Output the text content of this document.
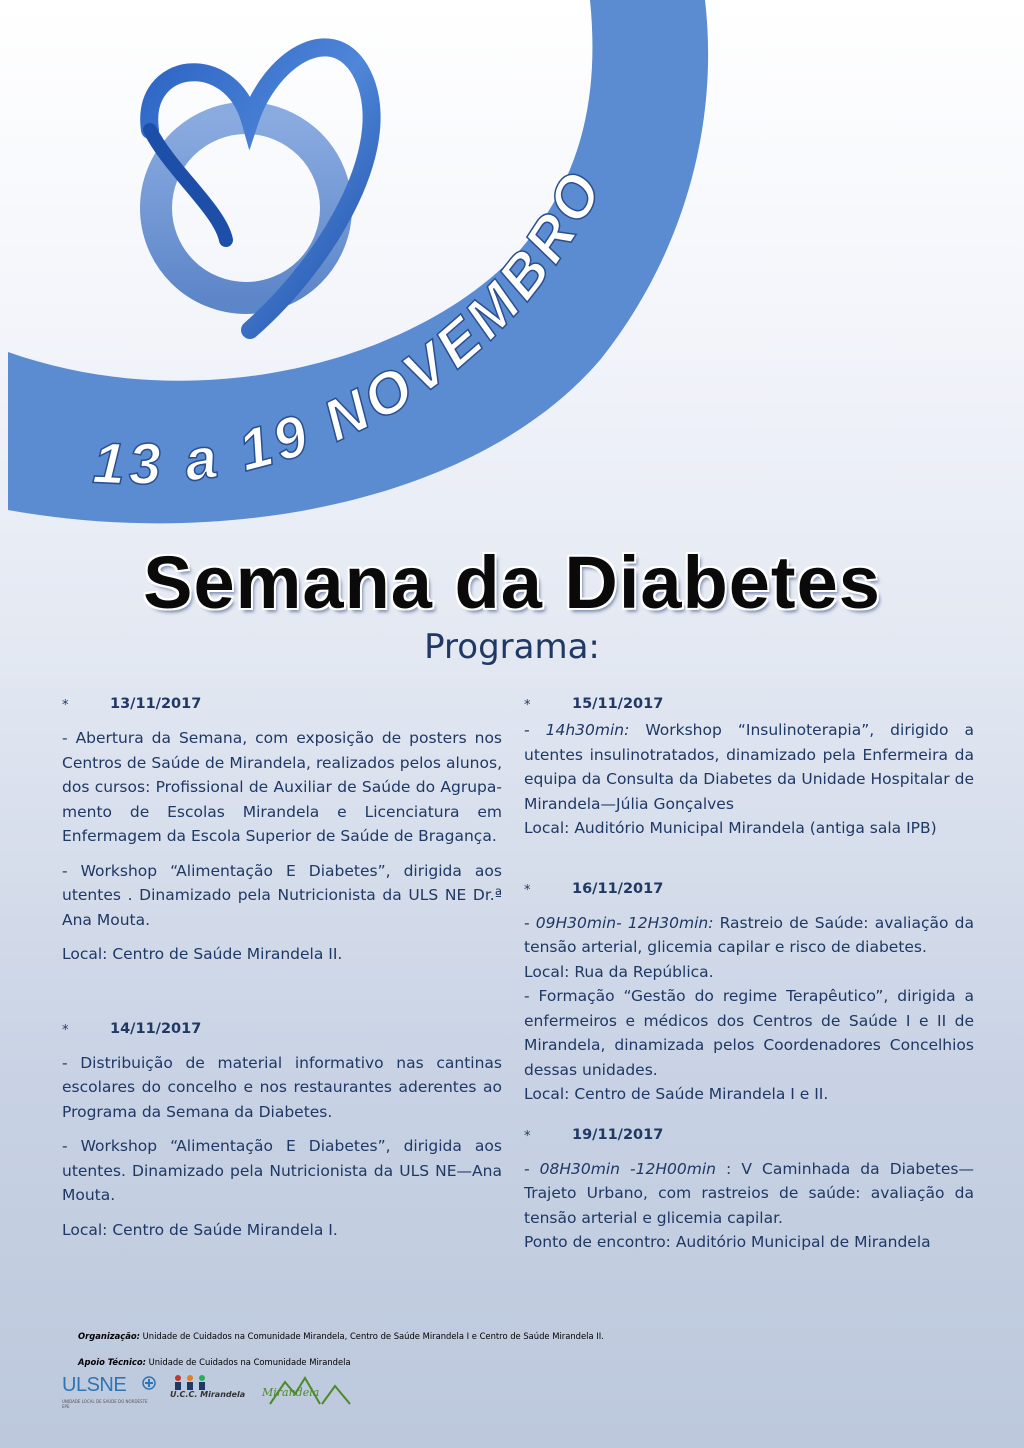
13 a 19 NOVEMBRO
Semana da Diabetes
Programa:
*	13/11/2017

- Abertura da Semana, com exposição de posters nos Centros de Saúde de Mirandela, realizados pelos alunos, dos cursos: Profissional de Auxiliar de Saúde do Agrupa- mento de Escolas Mirandela e Licenciatura em Enfermagem da Escola Superior de Saúde de Bragança.

- Workshop “Alimentação E Diabetes”, dirigida aos utentes . Dinamizado pela Nutricionista da ULS NE Dr.ª Ana Mouta.

Local: Centro de Saúde Mirandela II.

*	14/11/2017

- Distribuição de material informativo nas cantinas escolares do concelho e nos restaurantes aderentes ao Programa da Semana da Diabetes.

- Workshop “Alimentação E Diabetes”, dirigida aos utentes. Dinamizado pela Nutricionista da ULS NE—Ana Mouta.

Local: Centro de Saúde Mirandela I.

*	15/11/2017

- 14h30min: Workshop “Insulinoterapia”, dirigido a utentes insulinotratados, dinamizado pela Enfermeira da equipa da Consulta da Diabetes da Unidade Hospitalar de Mirandela—Júlia Gonçalves

Local: Auditório Municipal Mirandela (antiga sala IPB)

*	16/11/2017

- 09H30min- 12H30min: Rastreio de Saúde: avaliação da tensão arterial, glicemia capilar e risco de diabetes.

Local: Rua da República.

- Formação “Gestão do regime Terapêutico”, dirigida a enfermeiros e médicos dos Centros de Saúde I e II de Mirandela, dinamizada pelos Coordenadores Concelhios dessas unidades.

Local: Centro de Saúde Mirandela I e II.

*	19/11/2017

- 08H30min -12H00min : V Caminhada da Diabetes—Trajeto Urbano, com rastreios de saúde: avaliação da tensão arterial e glicemia capilar.

Ponto de encontro: Auditório Municipal de Mirandela

Organização: Unidade de Cuidados na Comunidade Mirandela, Centro de Saúde Mirandela I e Centro de Saúde Mirandela II.
Apoio Técnico: Unidade de Cuidados na Comunidade Mirandela
ULSNE
UNIDADE LOCAL DE SAÚDE DO NORDESTE EPE
U.C.C. Mirandela Mirandela
